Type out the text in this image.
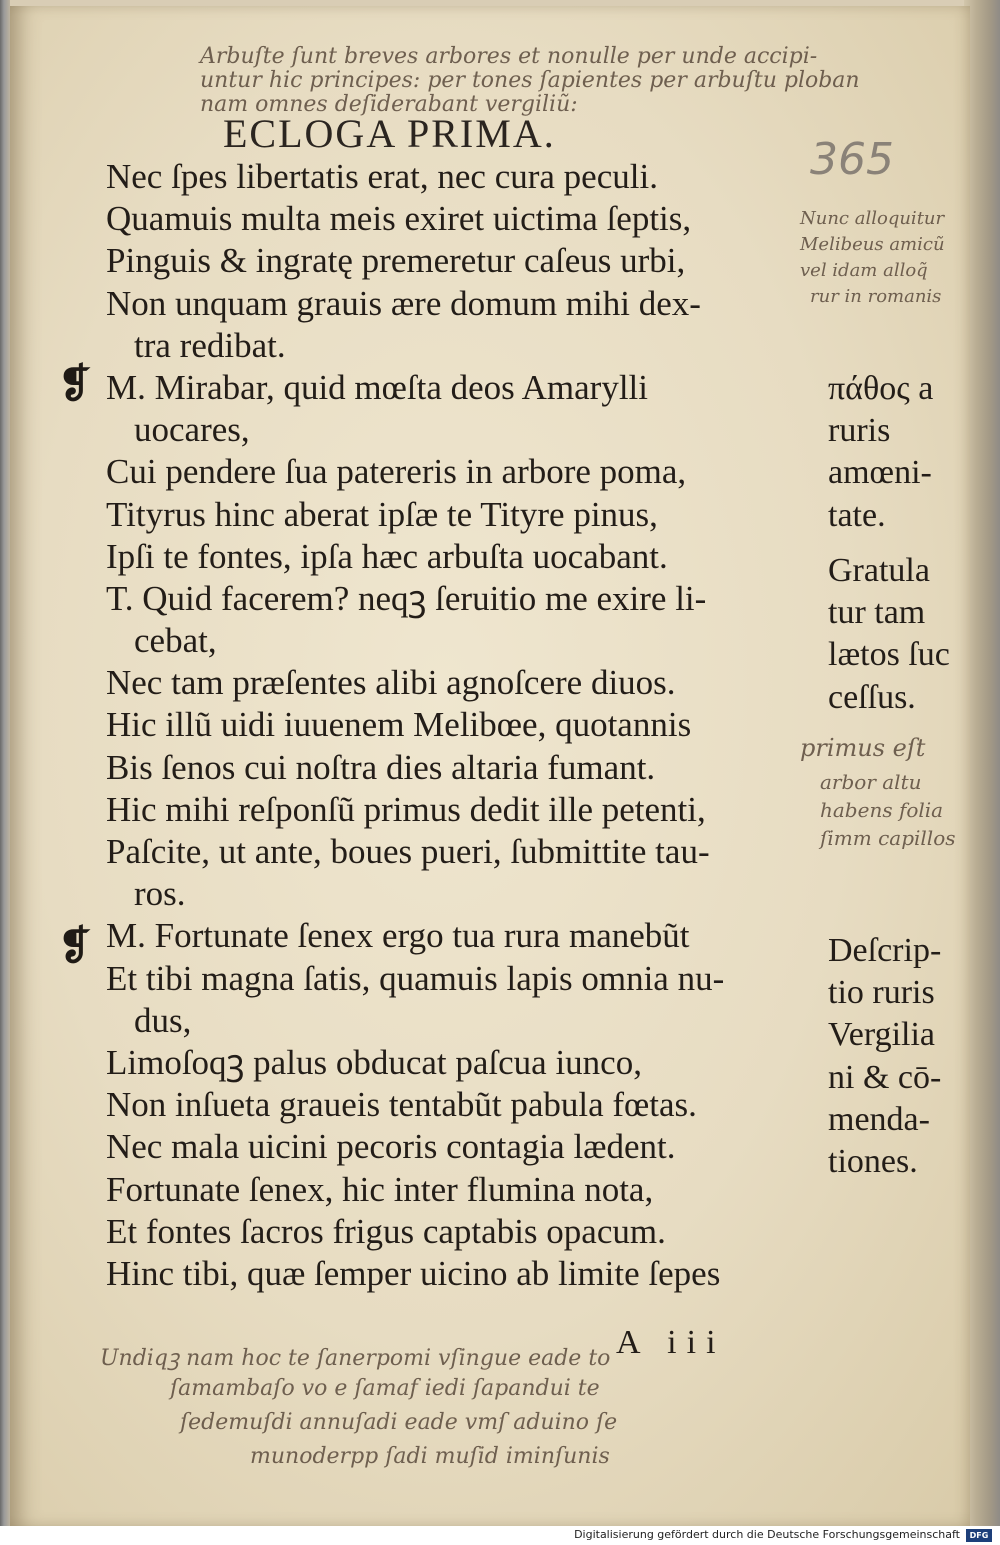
Arbuſte ſunt breves arbores et nonulle per unde accipi-
untur hic principes: per tones ſapientes per arbuſtu ploban
nam omnes deſiderabant vergiliũ:
ECLOGA PRIMA.
365
❡
❡
Nec ſpes libertatis erat, nec cura peculi.
Quamuis multa meis exiret uictima ſeptis,
Pinguis & ingratę premeretur caſeus urbi,
Non unquam grauis ære domum mihi dex-
tra redibat.
M. Mirabar, quid mœſta deos Amarylli
uocares,
Cui pendere ſua patereris in arbore poma,
Tityrus hinc aberat ipſæ te Tityre pinus,
Ipſi te fontes, ipſa hæc arbuſta uocabant.
T. Quid facerem? neqꝫ ſeruitio me exire li-
cebat,
Nec tam præſentes alibi agnoſcere diuos.
Hic illũ uidi iuuenem Melibœe, quotannis
Bis ſenos cui noſtra dies altaria fumant.
Hic mihi reſponſũ primus dedit ille petenti,
Paſcite, ut ante, boues pueri, ſubmittite tau-
ros.
M. Fortunate ſenex ergo tua rura manebũt
Et tibi magna ſatis, quamuis lapis omnia nu-
dus,
Limoſoqꝫ palus obducat paſcua iunco,
Non inſueta graueis tentabũt pabula fœtas.
Nec mala uicini pecoris contagia lædent.
Fortunate ſenex, hic inter flumina nota,
Et fontes ſacros frigus captabis opacum.
Hinc tibi, quæ ſemper uicino ab limite ſepes
πάθος a
ruris
amœni-
tate.
Gratula
tur tam
lætos ſuc
ceſſus.
Deſcrip-
tio ruris
Vergilia
ni & cō-
menda-
tiones.
Nunc alloquitur
Melibeus amicũ
vel idam alloq̃
rur in romanis
primus eſt
arbor altu
habens folia
ſimm capillos
A iii
Undiqꝫ nam hoc te ſanerpomi vſingue eade to
ſamambaſo vo e ſamaf iedi ſapandui te
ſedemuſdi annuſadi eade vmſ aduino ſe
munoderpp ſadi muſid iminſunis
Digitalisierung gefördert durch die Deutsche Forschungsgemeinschaft	DFG
